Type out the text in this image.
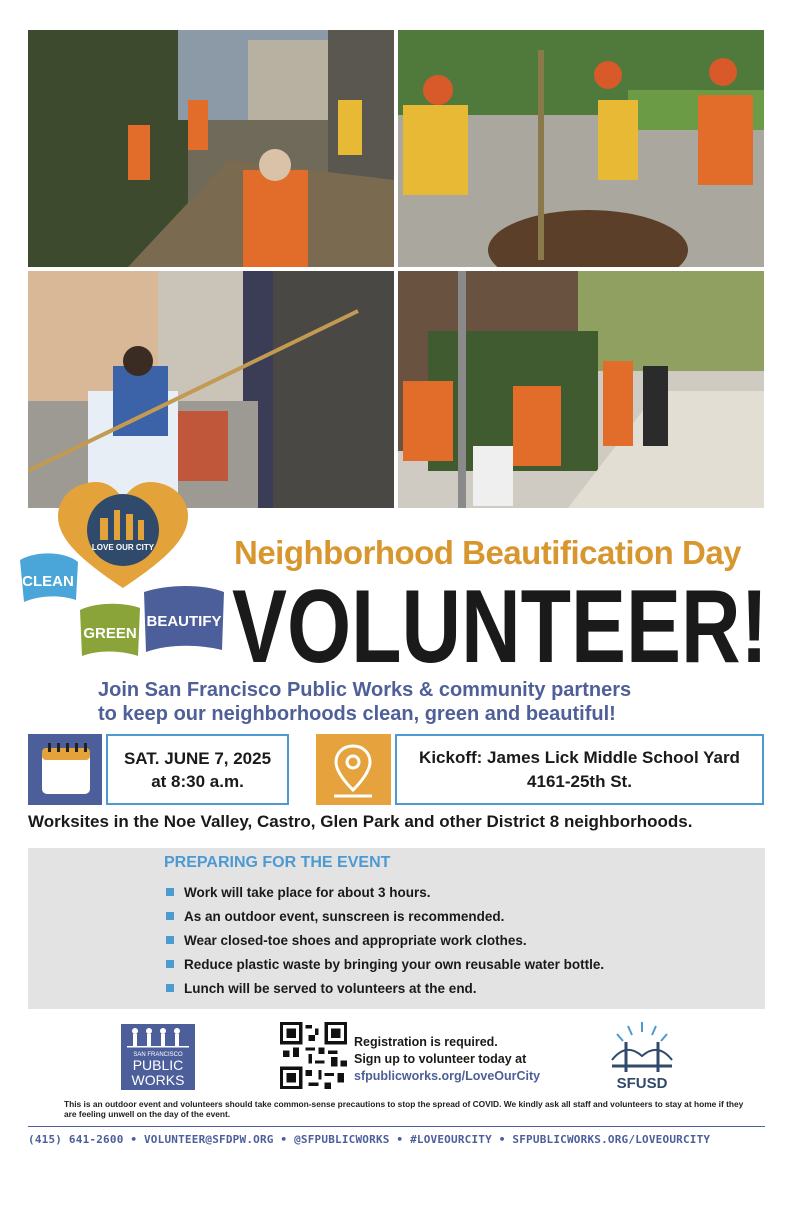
LOVE OUR CITY
CLEAN
GREEN
BEAUTIFY
Neighborhood Beautification Day
VOLUNTEER!
Join San Francisco Public Works & community partners
to keep our neighborhoods clean, green and beautiful!
SAT. JUNE 7, 2025
at 8:30 a.m.
Kickoff: James Lick Middle School Yard
4161-25th St.
Worksites in the Noe Valley, Castro, Glen Park and other District 8 neighborhoods.
PREPARING FOR THE EVENT
Work will take place for about 3 hours.
As an outdoor event, sunscreen is recommended.
Wear closed-toe shoes and appropriate work clothes.
Reduce plastic waste by bringing your own reusable water bottle.
Lunch will be served to volunteers at the end.
SAN FRANCISCO
PUBLIC
WORKS
Registration is required.
Sign up to volunteer today at
sfpublicworks.org/LoveOurCity	SFUSD
This is an outdoor event and volunteers should take common-sense precautions to stop the spread of COVID. We kindly ask all staff and volunteers to stay at home if they are feeling unwell on the day of the event.
(415) 641-2600 • VOLUNTEER@SFDPW.ORG • @SFPUBLICWORKS • #LOVEOURCITY • SFPUBLICWORKS.ORG/LOVEOURCITY
